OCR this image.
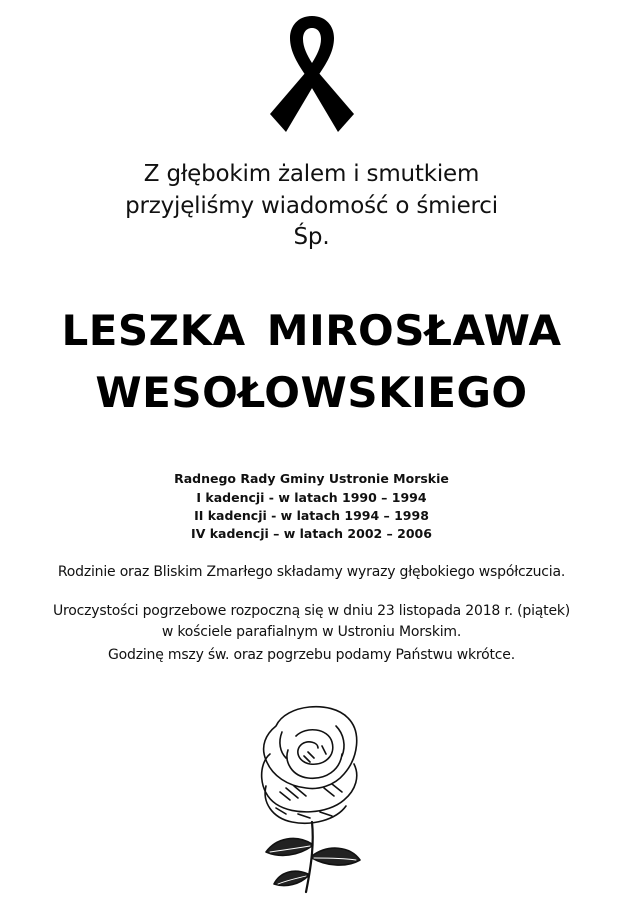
Z głębokim żalem i smutkiem
przyjęliśmy wiadomość o śmierci
Śp.
LESZKA MIROSŁAWA
WESOŁOWSKIEGO
Radnego Rady Gminy Ustronie Morskie
I kadencji - w latach 1990 – 1994
II kadencji - w latach 1994 – 1998
IV kadencji – w latach 2002 – 2006
Rodzinie oraz Bliskim Zmarłego składamy wyrazy głębokiego współczucia.
Uroczystości pogrzebowe rozpoczną się w dniu 23 listopada 2018 r. (piątek)
w kościele parafialnym w Ustroniu Morskim.
Godzinę mszy św. oraz pogrzebu podamy Państwu wkrótce.
